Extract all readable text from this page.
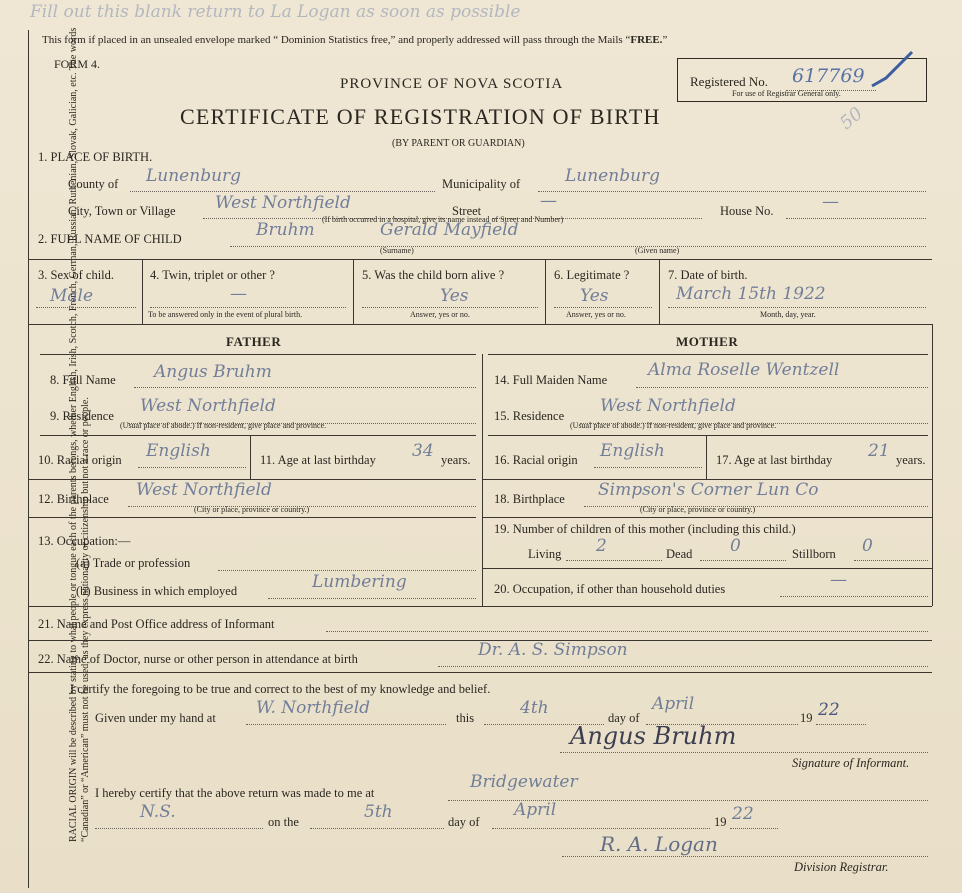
Fill out this blank return to La Logan as soon as possible
This form if placed in an unsealed envelope marked “ Dominion Statistics free,” and properly addressed will pass through the Mails “FREE.”
RACIAL ORIGIN will be described by stating to what people or tongue each of the parents belongs, whether English, Irish, Scotch, French, German, Russian, Ruthenian, Slovak, Galician, etc. The words “Canadian” or “American” must not be used, as they express nationality or citizenship but not a race or people.
FORM 4.
PROVINCE OF NOVA SCOTIA
CERTIFICATE OF REGISTRATION OF BIRTH
(BY PARENT OR GUARDIAN)
Registered No. 617769
For use of Registrar General only.
50
1. PLACE OF BIRTH.
County of Lunenburg	Municipality of	Lunenburg
City, Town or Village West Northfield	Street	—	House No.	—
(If birth occurred in a hospital, give its name instead of Street and Number)
2. FULL NAME OF CHILD	Bruhm	Gerald Mayfield
(Surname)	(Given name)
3. Sex of child.
Male
4. Twin, triplet or other ?
—
To be answered only in the event of plural birth.
5. Was the child born alive ?
Yes
Answer, yes or no.
6. Legitimate ?
Yes
Answer, yes or no.
7. Date of birth.
March 15th 1922
Month, day, year.
FATHER	MOTHER
8. Full Name Angus Bruhm
9. Residence West Northfield
(Usual place of abode.) If non-resident, give place and province.
10. Racial origin English	11. Age at last birthday 34 years.
12. Birthplace West Northfield
(City or place, province or country.)
13. Occupation:—
(a) Trade or profession
(b) Business in which employed	Lumbering
14. Full Maiden Name Alma Roselle Wentzell
15. Residence West Northfield
(Usual place of abode.) If non-resident, give place and province.
16. Racial origin English	17. Age at last birthday 21 years.
18. Birthplace Simpson's Corner Lun Co
(City or place, province or country.)
19. Number of children of this mother (including this child.)
Living 2	Dead 0	Stillborn 0
20. Occupation, if other than household duties	—
21. Name and Post Office address of Informant
22. Name of Doctor, nurse or other person in attendance at birth	Dr. A. S. Simpson
I certify the foregoing to be true and correct to the best of my knowledge and belief.
Given under my hand at W. Northfield	this	4th	day of
April
19 22
Angus Bruhm
Signature of Informant.
I hereby certify that the above return was made to me at
Bridgewater
N.S.	on the	5th	day of
April
19 22
R. A. Logan
Division Registrar.
